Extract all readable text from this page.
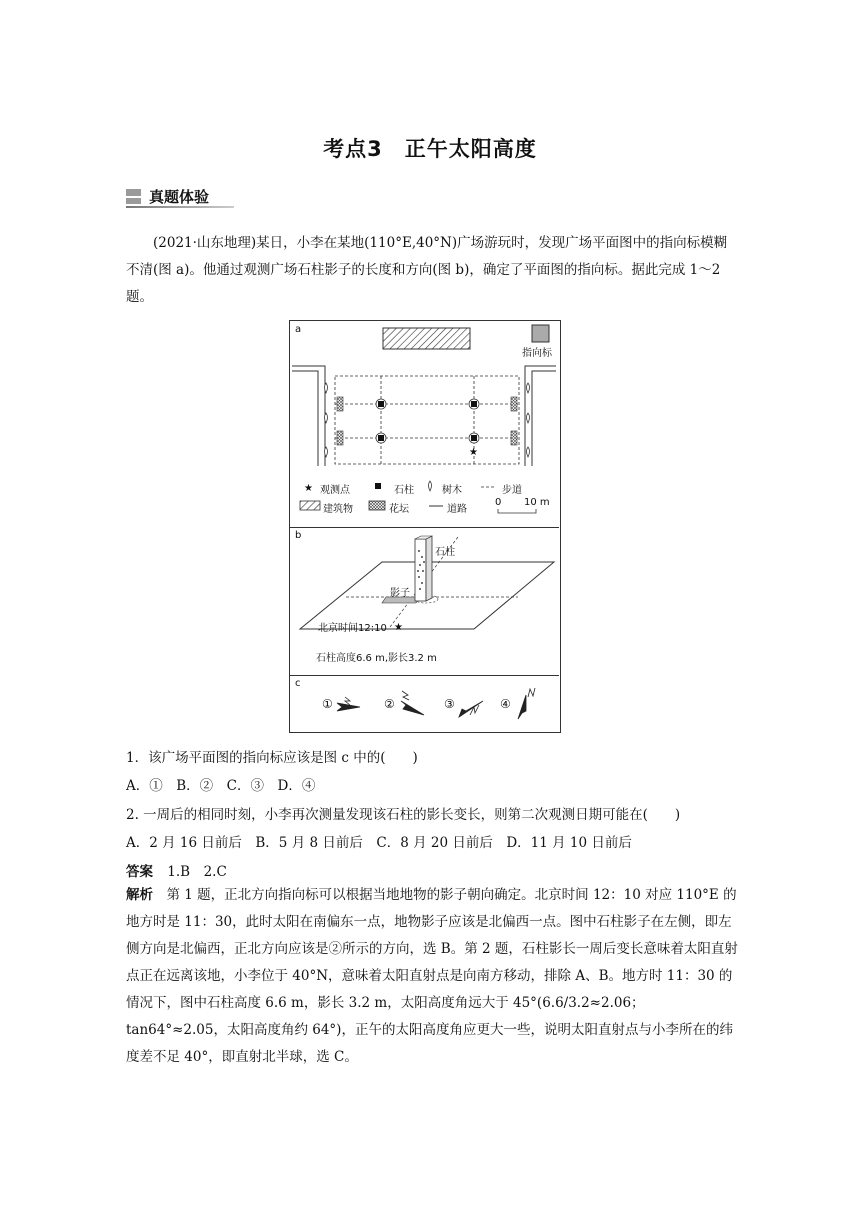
考点3　正午太阳高度
真题体验
(2021·山东地理)某日，小李在某地(110°E,40°N)广场游玩时，发现广场平面图中的指向标模糊不清(图 a)。他通过观测广场石柱影子的长度和方向(图 b)，确定了平面图的指向标。据此完成 1～2 题。
a
★
★
指向标
观测点	石柱	树木	步道
建筑物	花坛	道路
0 10 m
b
★
石柱
影子
北京时间12:10
石柱高度6.6 m,影长3.2 m
c
①	②	③	④
1．该广场平面图的指向标应该是图 c 中的(　　)
A．①　B．②　C．③　D．④
2. 一周后的相同时刻，小李再次测量发现该石柱的影长变长，则第二次观测日期可能在(　　)
A．2 月 16 日前后　B．5 月 8 日前后　C．8 月 20 日前后　D．11 月 10 日前后
答案 1.B　2.C
解析　 第 1 题，正北方向指向标可以根据当地地物的影子朝向确定。北京时间 12：10 对应 110°E 的地方时是 11：30，此时太阳在南偏东一点，地物影子应该是北偏西一点。图中石柱影子在左侧，即左侧方向是北偏西，正北方向应该是②所示的方向，选 B。第 2 题，石柱影长一周后变长意味着太阳直射点正在远离该地，小李位于 40°N，意味着太阳直射点是向南方移动，排除 A、B。地方时 11：30 的情况下，图中石柱高度 6.6 m，影长 3.2 m，太阳高度角远大于 45°(6.6/3.2≈2.06；tan64°≈2.05，太阳高度角约 64°)，正午的太阳高度角应更大一些，说明太阳直射点与小李所在的纬度差不足 40°，即直射北半球，选 C。
